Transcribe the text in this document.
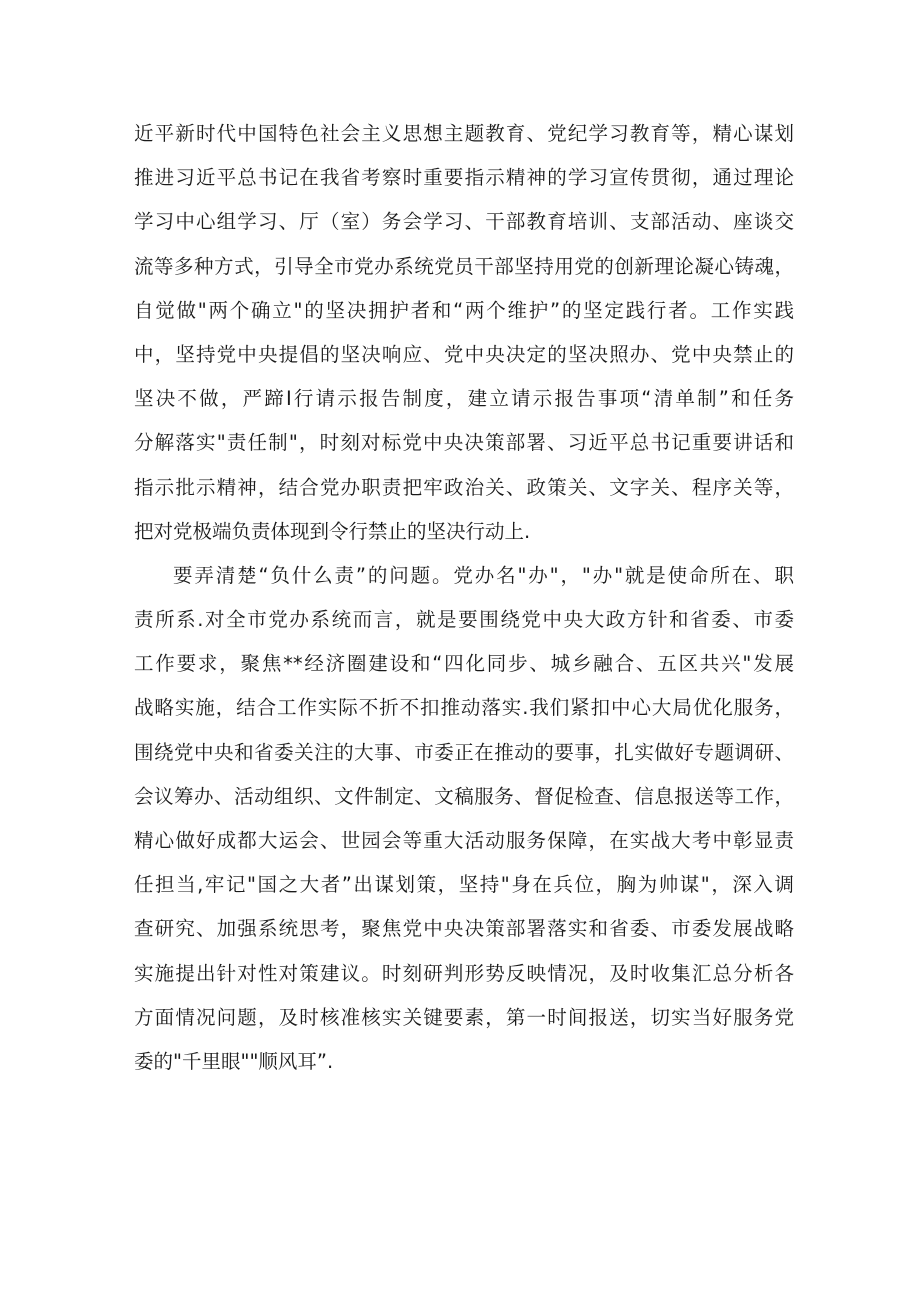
近平新时代中国特色社会主义思想主题教育、党纪学习教育等，精心谋划
推进习近平总书记在我省考察时重要指示精神的学习宣传贯彻，通过理论
学习中心组学习、厅（室）务会学习、干部教育培训、支部活动、座谈交
流等多种方式，引导全市党办系统党员干部坚持用党的创新理论凝心铸魂，
自觉做"两个确立"的坚决拥护者和“两个维护”的坚定践行者。工作实践
中，坚持党中央提倡的坚决响应、党中央决定的坚决照办、党中央禁止的
坚决不做，严蹄I行请示报告制度，建立请示报告事项“清单制”和任务
分解落实"责任制"，时刻对标党中央决策部署、习近平总书记重要讲话和
指示批示精神，结合党办职责把牢政治关、政策关、文字关、程序关等，
把对党极端负责体现到令行禁止的坚决行动上.
要弄清楚“负什么责”的问题。党办名"办"，"办"就是使命所在、职
责所系.对全市党办系统而言，就是要围绕党中央大政方针和省委、市委
工作要求，聚焦**经济圈建设和“四化同步、城乡融合、五区共兴"发展
战略实施，结合工作实际不折不扣推动落实.我们紧扣中心大局优化服务，
围绕党中央和省委关注的大事、市委正在推动的要事，扎实做好专题调研、
会议筹办、活动组织、文件制定、文稿服务、督促检查、信息报送等工作，
精心做好成都大运会、世园会等重大活动服务保障，在实战大考中彰显责
任担当,牢记"国之大者”出谋划策，坚持"身在兵位，胸为帅谋"，深入调
查研究、加强系统思考，聚焦党中央决策部署落实和省委、市委发展战略
实施提出针对性对策建议。时刻研判形势反映情况，及时收集汇总分析各
方面情况问题，及时核准核实关键要素，第一时间报送，切实当好服务党
委的"千里眼""顺风耳”.
